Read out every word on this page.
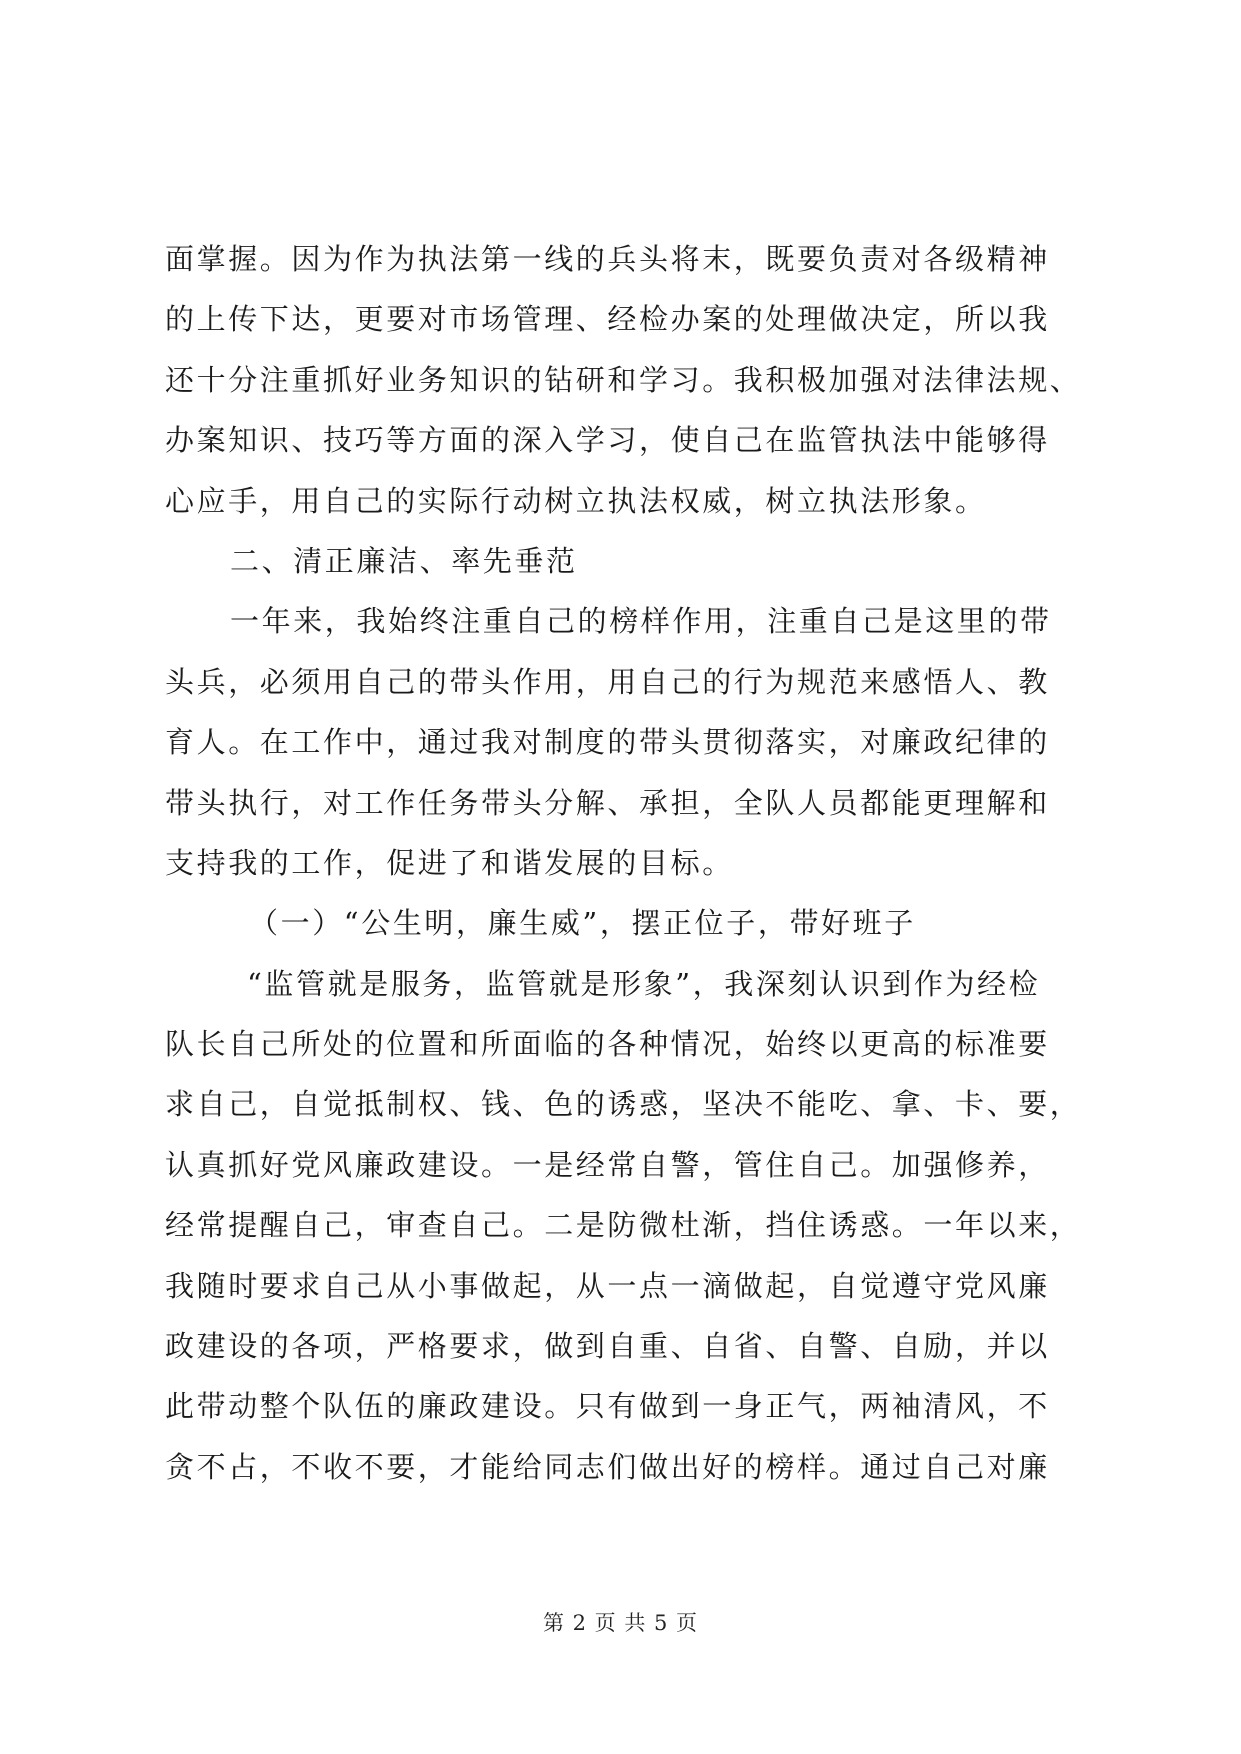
面掌握。因为作为执法第一线的兵头将末，既要负责对各级精神
的上传下达，更要对市场管理、经检办案的处理做决定，所以我
还十分注重抓好业务知识的钻研和学习。我积极加强对法律法规、
办案知识、技巧等方面的深入学习，使自己在监管执法中能够得
心应手，用自己的实际行动树立执法权威，树立执法形象。
二、清正廉洁、率先垂范
一年来，我始终注重自己的榜样作用，注重自己是这里的带
头兵，必须用自己的带头作用，用自己的行为规范来感悟人、教
育人。在工作中，通过我对制度的带头贯彻落实，对廉政纪律的
带头执行，对工作任务带头分解、承担，全队人员都能更理解和
支持我的工作，促进了和谐发展的目标。
（一）“公生明，廉生威”，摆正位子，带好班子
“监管就是服务，监管就是形象”，我深刻认识到作为经检
队长自己所处的位置和所面临的各种情况，始终以更高的标准要
求自己，自觉抵制权、钱、色的诱惑，坚决不能吃、拿、卡、要，
认真抓好党风廉政建设。一是经常自警，管住自己。加强修养，
经常提醒自己，审查自己。二是防微杜渐，挡住诱惑。一年以来，
我随时要求自己从小事做起，从一点一滴做起，自觉遵守党风廉
政建设的各项，严格要求，做到自重、自省、自警、自励，并以
此带动整个队伍的廉政建设。只有做到一身正气，两袖清风，不
贪不占，不收不要，才能给同志们做出好的榜样。通过自己对廉
第 2 页 共 5 页
